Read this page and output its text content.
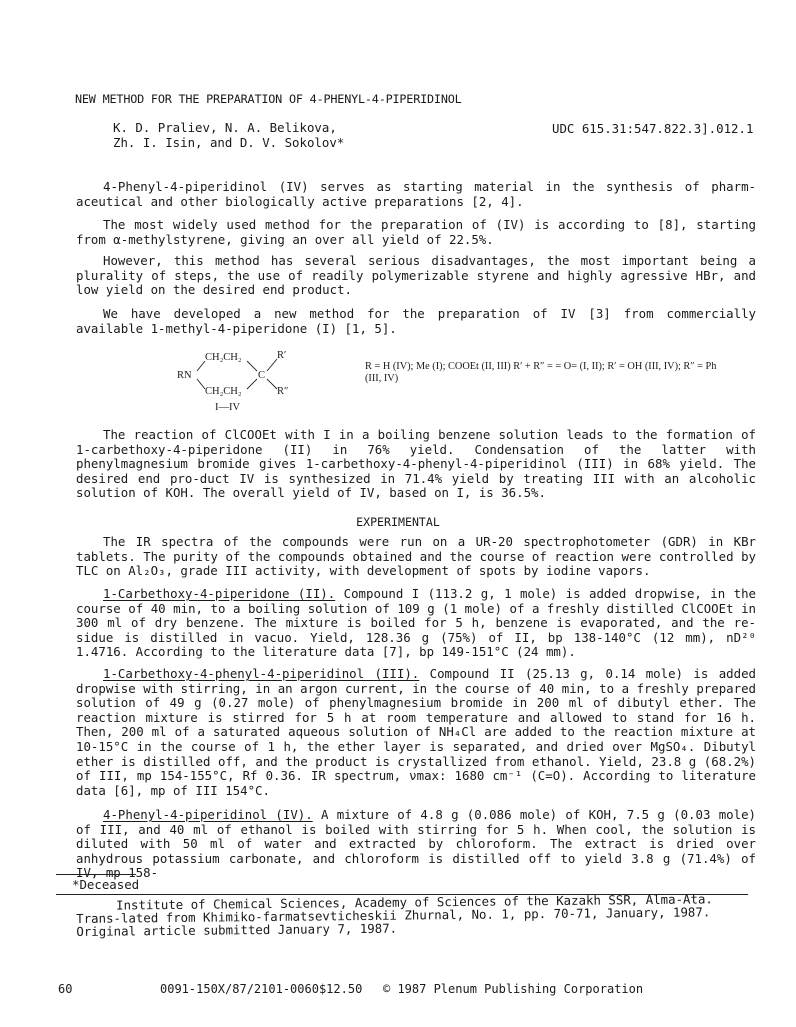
NEW METHOD FOR THE PREPARATION OF 4-PHENYL-4-PIPERIDINOL
K. D. Praliev, N. A. Belikova,
Zh. I. Isin, and D. V. Sokolov*
UDC 615.31:547.822.3].012.1
4-Phenyl-4-piperidinol (IV) serves as starting material in the synthesis of pharm-aceutical and other biologically active preparations [2, 4].
The most widely used method for the preparation of (IV) is according to [8], starting from α-methylstyrene, giving an over all yield of 22.5%.
However, this method has several serious disadvantages, the most important being a plurality of steps, the use of readily polymerizable styrene and highly agressive HBr, and low yield on the desired end product.
We have developed a new method for the preparation of IV [3] from commercially available 1-methyl-4-piperidone (I) [1, 5].
RN
CH₂CH₂
CH₂CH₂
C
R′
R″
I—IV
R = H (IV); Me (I); COOEt (II, III) R′ + R″ = = O= (I, II); R′ = OH (III, IV); R″ = Ph (III, IV)
The reaction of ClCOOEt with I in a boiling benzene solution leads to the formation of 1-carbethoxy-4-piperidone (II) in 76% yield. Condensation of the latter with phenylmagnesium bromide gives 1-carbethoxy-4-phenyl-4-piperidinol (III) in 68% yield. The desired end pro-duct IV is synthesized in 71.4% yield by treating III with an alcoholic solution of KOH. The overall yield of IV, based on I, is 36.5%.
EXPERIMENTAL
The IR spectra of the compounds were run on a UR-20 spectrophotometer (GDR) in KBr tablets. The purity of the compounds obtained and the course of reaction were controlled by TLC on Al₂O₃, grade III activity, with development of spots by iodine vapors.
1-Carbethoxy-4-piperidone (II). Compound I (113.2 g, 1 mole) is added dropwise, in the course of 40 min, to a boiling solution of 109 g (1 mole) of a freshly distilled ClCOOEt in 300 ml of dry benzene. The mixture is boiled for 5 h, benzene is evaporated, and the re-sidue is distilled in vacuo. Yield, 128.36 g (75%) of II, bp 138-140°C (12 mm), nD²⁰ 1.4716. According to the literature data [7], bp 149-151°C (24 mm).
1-Carbethoxy-4-phenyl-4-piperidinol (III). Compound II (25.13 g, 0.14 mole) is added dropwise with stirring, in an argon current, in the course of 40 min, to a freshly prepared solution of 49 g (0.27 mole) of phenylmagnesium bromide in 200 ml of dibutyl ether. The reaction mixture is stirred for 5 h at room temperature and allowed to stand for 16 h. Then, 200 ml of a saturated aqueous solution of NH₄Cl are added to the reaction mixture at 10-15°C in the course of 1 h, the ether layer is separated, and dried over MgSO₄. Dibutyl ether is distilled off, and the product is crystallized from ethanol. Yield, 23.8 g (68.2%) of III, mp 154-155°C, Rf 0.36. IR spectrum, νmax: 1680 cm⁻¹ (C=O). According to literature data [6], mp of III 154°C.
4-Phenyl-4-piperidinol (IV). A mixture of 4.8 g (0.086 mole) of KOH, 7.5 g (0.03 mole) of III, and 40 ml of ethanol is boiled with stirring for 5 h. When cool, the solution is diluted with 50 ml of water and extracted by chloroform. The extract is dried over anhydrous potassium carbonate, and chloroform is distilled off to yield 3.8 g (71.4%) of IV, mp 158-
*Deceased
Institute of Chemical Sciences, Academy of Sciences of the Kazakh SSR, Alma-Ata. Trans-lated from Khimiko-farmatsevticheskii Zhurnal, No. 1, pp. 70-71, January, 1987. Original article submitted January 7, 1987.
60	0091-150X/87/2101-0060$12.50 © 1987 Plenum Publishing Corporation
